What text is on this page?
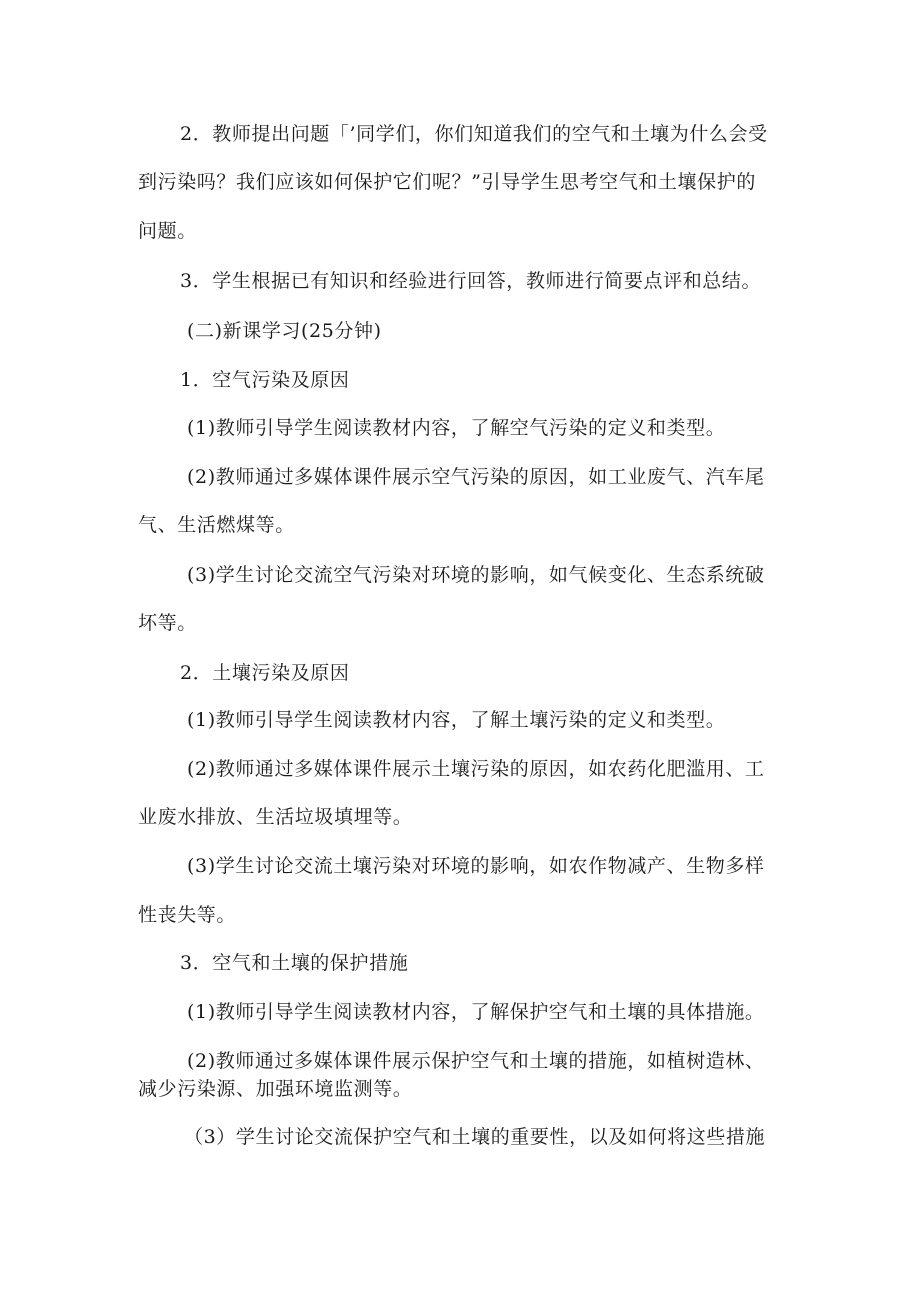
2．教师提出问题「’同学们，你们知道我们的空气和土壤为什么会受
到污染吗？我们应该如何保护它们呢？”引导学生思考空气和土壤保护的
问题。
3．学生根据已有知识和经验进行回答，教师进行简要点评和总结。
(二)新课学习(25分钟)
1．空气污染及原因
(1)教师引导学生阅读教材内容，了解空气污染的定义和类型。
(2)教师通过多媒体课件展示空气污染的原因，如工业废气、汽车尾
气、生活燃煤等。
(3)学生讨论交流空气污染对环境的影响，如气候变化、生态系统破
坏等。
2．土壤污染及原因
(1)教师引导学生阅读教材内容，了解土壤污染的定义和类型。
(2)教师通过多媒体课件展示土壤污染的原因，如农药化肥滥用、工
业废水排放、生活垃圾填埋等。
(3)学生讨论交流土壤污染对环境的影响，如农作物减产、生物多样
性丧失等。
3．空气和土壤的保护措施
(1)教师引导学生阅读教材内容，了解保护空气和土壤的具体措施。
(2)教师通过多媒体课件展示保护空气和土壤的措施，如植树造林、
减少污染源、加强环境监测等。
（3）学生讨论交流保护空气和土壤的重要性，以及如何将这些措施
